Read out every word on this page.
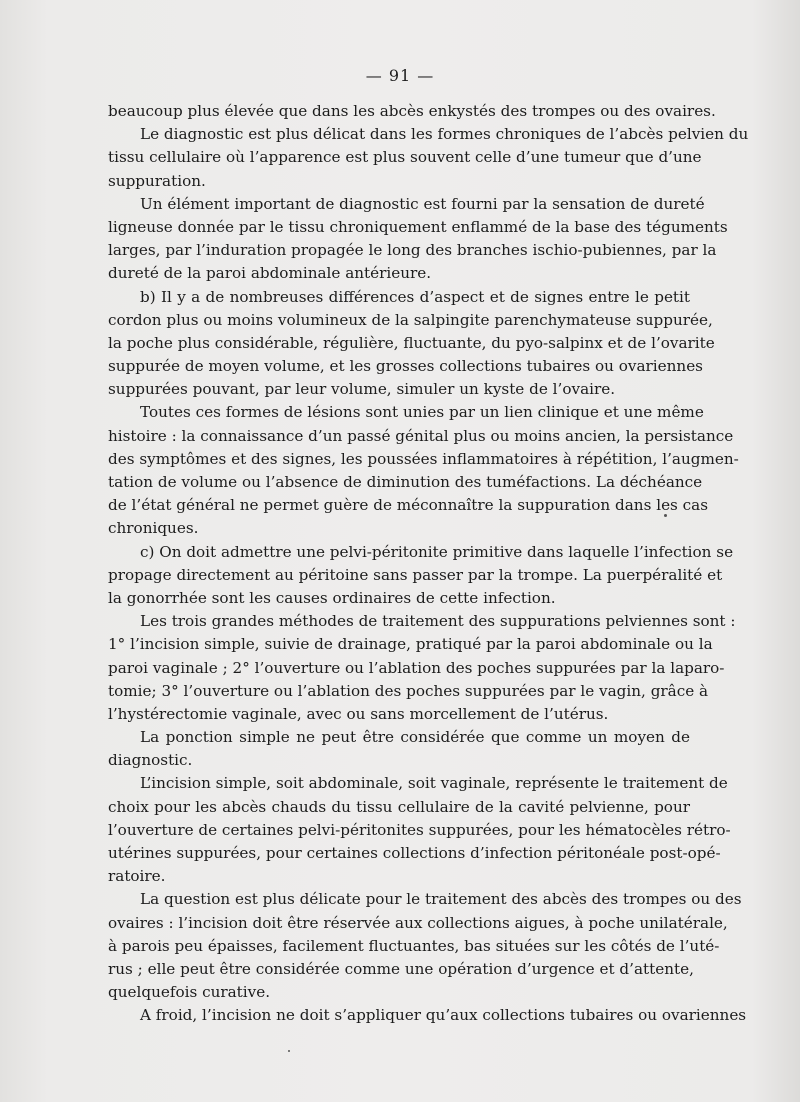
— 91 —
beaucoup plus élevée que dans les abcès enkystés des trompes ou des ovaires.
Le diagnostic est plus délicat dans les formes chroniques de l’abcès pelvien du
tissu cellulaire où l’apparence est plus souvent celle d’une tumeur que d’une
suppuration.
Un élément important de diagnostic est fourni par la sensation de dureté
ligneuse donnée par le tissu chroniquement enflammé de la base des téguments
larges, par l’induration propagée le long des branches ischio-pubiennes, par la
dureté de la paroi abdominale antérieure.
b) Il y a de nombreuses différences d’aspect et de signes entre le petit
cordon plus ou moins volumineux de la salpingite parenchymateuse suppurée,
la poche plus considérable, régulière, fluctuante, du pyo-salpinx et de l’ovarite
suppurée de moyen volume, et les grosses collections tubaires ou ovariennes
suppurées pouvant, par leur volume, simuler un kyste de l’ovaire.
Toutes ces formes de lésions sont unies par un lien clinique et une même
histoire : la connaissance d’un passé génital plus ou moins ancien, la persistance
des symptômes et des signes, les poussées inflammatoires à répétition, l’augmen-
tation de volume ou l’absence de diminution des tuméfactions. La déchéance
de l’état général ne permet guère de méconnaître la suppuration dans les cas
chroniques.
c) On doit admettre une pelvi-péritonite primitive dans laquelle l’infection se
propage directement au péritoine sans passer par la trompe. La puerpéralité et
la gonorrhée sont les causes ordinaires de cette infection.
Les trois grandes méthodes de traitement des suppurations pelviennes sont :
1° l’incision simple, suivie de drainage, pratiqué par la paroi abdominale ou la
paroi vaginale ; 2° l’ouverture ou l’ablation des poches suppurées par la laparo-
tomie; 3° l’ouverture ou l’ablation des poches suppurées par le vagin, grâce à
l’hystérectomie vaginale, avec ou sans morcellement de l’utérus.
La ponction simple ne peut être considérée que comme un moyen de
diagnostic.
L’incision simple, soit abdominale, soit vaginale, représente le traitement de
choix pour les abcès chauds du tissu cellulaire de la cavité pelvienne, pour
l’ouverture de certaines pelvi-péritonites suppurées, pour les hématocèles rétro-
utérines suppurées, pour certaines collections d’infection péritonéale post-opé-
ratoire.
La question est plus délicate pour le traitement des abcès des trompes ou des
ovaires : l’incision doit être réservée aux collections aigues, à poche unilatérale,
à parois peu épaisses, facilement fluctuantes, bas situées sur les côtés de l’uté-
rus ; elle peut être considérée comme une opération d’urgence et d’attente,
quelquefois curative.
A froid, l’incision ne doit s’appliquer qu’aux collections tubaires ou ovariennes
